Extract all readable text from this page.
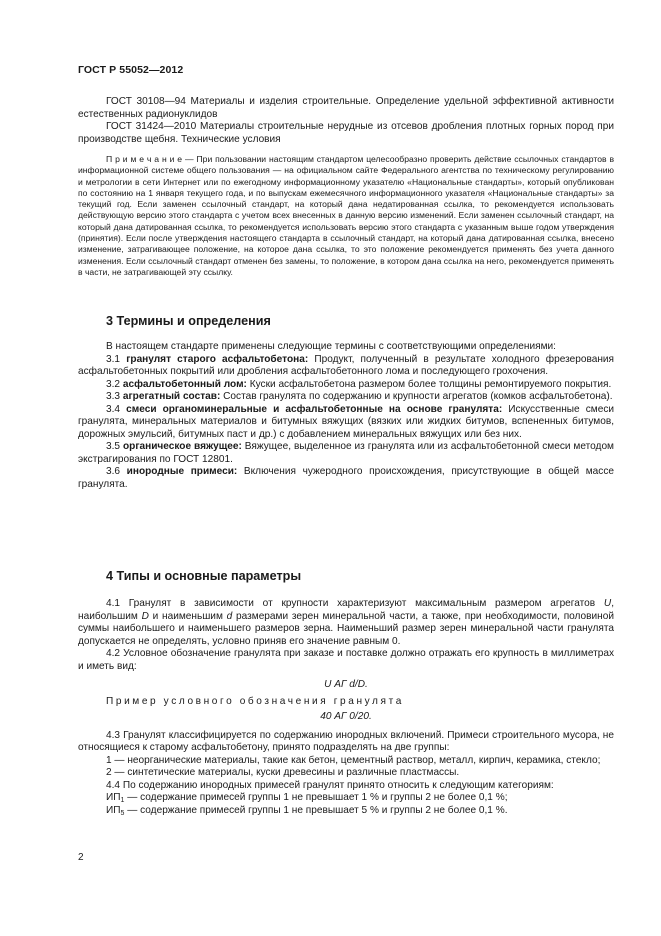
ГОСТ Р 55052—2012

ГОСТ 30108—94 Материалы и изделия строительные. Определение удельной эффективной активности естественных радионуклидов

ГОСТ 31424—2010 Материалы строительные нерудные из отсевов дробления плотных горных пород при производстве щебня. Технические условия

П р и м е ч а н и е — При пользовании настоящим стандартом целесообразно проверить действие ссылочных стандартов в информационной системе общего пользования — на официальном сайте Федерального агентства по техническому регулированию и метрологии в сети Интернет или по ежегодному информационному указателю «Национальные стандарты», который опубликован по состоянию на 1 января текущего года, и по выпускам ежемесячного информационного указателя «Национальные стандарты» за текущий год. Если заменен ссылочный стандарт, на который дана недатированная ссылка, то рекомендуется использовать действующую версию этого стандарта с учетом всех внесенных в данную версию изменений. Если заменен ссылочный стандарт, на который дана датированная ссылка, то рекомендуется использовать версию этого стандарта с указанным выше годом утверждения (принятия). Если после утверждения настоящего стандарта в ссылочный стандарт, на который дана датированная ссылка, внесено изменение, затрагивающее положение, на которое дана ссылка, то это положение рекомендуется применять без учета данного изменения. Если ссылочный стандарт отменен без замены, то положение, в котором дана ссылка на него, рекомендуется применять в части, не затрагивающей эту ссылку.

3 Термины и определения

В настоящем стандарте применены следующие термины с соответствующими определениями:

3.1 гранулят старого асфальтобетона: Продукт, полученный в результате холодного фрезерования асфальтобетонных покрытий или дробления асфальтобетонного лома и последующего грохочения.

3.2 асфальтобетонный лом: Куски асфальтобетона размером более толщины ремонтируемого покрытия.

3.3 агрегатный состав: Состав гранулята по содержанию и крупности агрегатов (комков асфальтобетона).

3.4 смеси органоминеральные и асфальтобетонные на основе гранулята: Искусственные смеси гранулята, минеральных материалов и битумных вяжущих (вязких или жидких битумов, вспененных битумов, дорожных эмульсий, битумных паст и др.) с добавлением минеральных вяжущих или без них.

3.5 органическое вяжущее: Вяжущее, выделенное из гранулята или из асфальтобетонной смеси методом экстрагирования по ГОСТ 12801.

3.6 инородные примеси: Включения чужеродного происхождения, присутствующие в общей массе гранулята.

4 Типы и основные параметры

4.1 Гранулят в зависимости от крупности характеризуют максимальным размером агрегатов U, наибольшим D и наименьшим d размерами зерен минеральной части, а также, при необходимости, половиной суммы наибольшего и наименьшего размеров зерна. Наименьший размер зерен минеральной части гранулята допускается не определять, условно приняв его значение равным 0.

4.2 Условное обозначение гранулята при заказе и поставке должно отражать его крупность в миллиметрах и иметь вид:

U АГ d/D.

Пример условного обозначения гранулята

40 АГ 0/20.

4.3 Гранулят классифицируется по содержанию инородных включений. Примеси строительного мусора, не относящиеся к старому асфальтобетону, принято подразделять на две группы:

1 — неорганические материалы, такие как бетон, цементный раствор, металл, кирпич, керамика, стекло;

2 — синтетические материалы, куски древесины и различные пластмассы.

4.4 По содержанию инородных примесей гранулят принято относить к следующим категориям:

$ИП_1$ — содержание примесей группы 1 не превышает 1 % и группы 2 не более 0,1 %;

$ИП_5$ — содержание примесей группы 1 не превышает 5 % и группы 2 не более 0,1 %.

2
